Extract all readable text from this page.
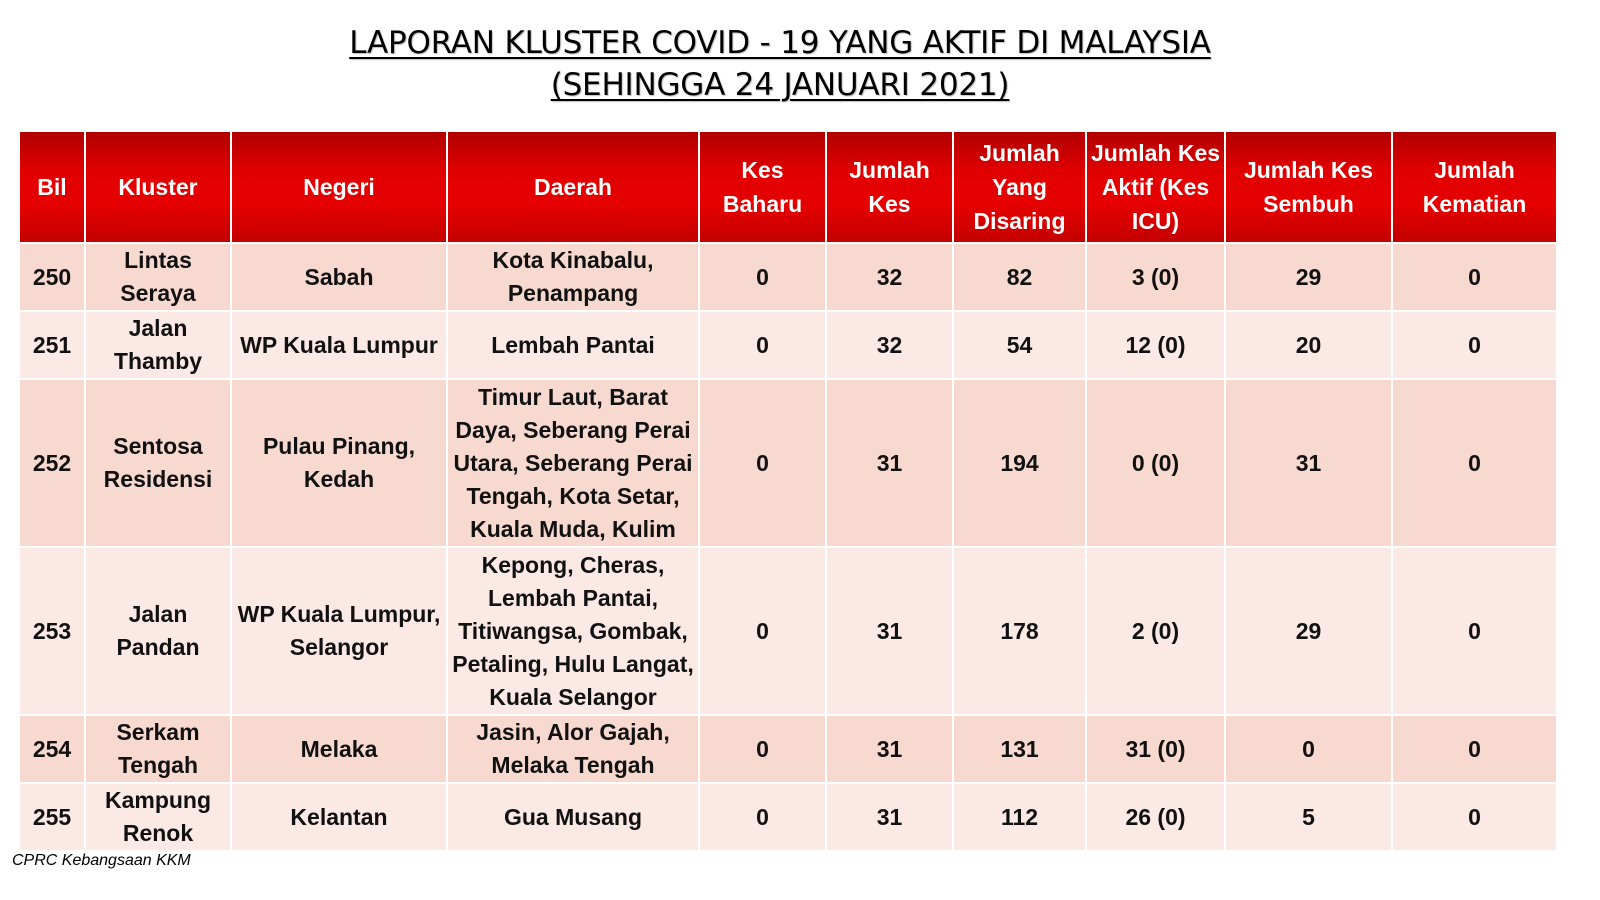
LAPORAN KLUSTER COVID - 19 YANG AKTIF DI MALAYSIA
(SEHINGGA 24 JANUARI 2021)
Bil	Kluster	Negeri	Daerah	Kes Baharu	Jumlah Kes	Jumlah Yang Disaring	Jumlah Kes Aktif (Kes ICU)	Jumlah Kes Sembuh	Jumlah Kematian
250	Lintas Seraya	Sabah	Kota Kinabalu, Penampang	0	32	82	3 (0)	29	0
251	Jalan Thamby	WP Kuala Lumpur	Lembah Pantai	0	32	54	12 (0)	20	0
252	Sentosa Residensi	Pulau Pinang, Kedah	Timur Laut, Barat Daya, Seberang Perai Utara, Seberang Perai Tengah, Kota Setar, Kuala Muda, Kulim	0	31	194	0 (0)	31	0
253	Jalan Pandan	WP Kuala Lumpur, Selangor	Kepong, Cheras, Lembah Pantai, Titiwangsa, Gombak, Petaling, Hulu Langat, Kuala Selangor	0	31	178	2 (0)	29	0
254	Serkam Tengah	Melaka	Jasin, Alor Gajah, Melaka Tengah	0	31	131	31 (0)	0	0
255	Kampung Renok	Kelantan	Gua Musang	0	31	112	26 (0)	5	0
CPRC Kebangsaan KKM
